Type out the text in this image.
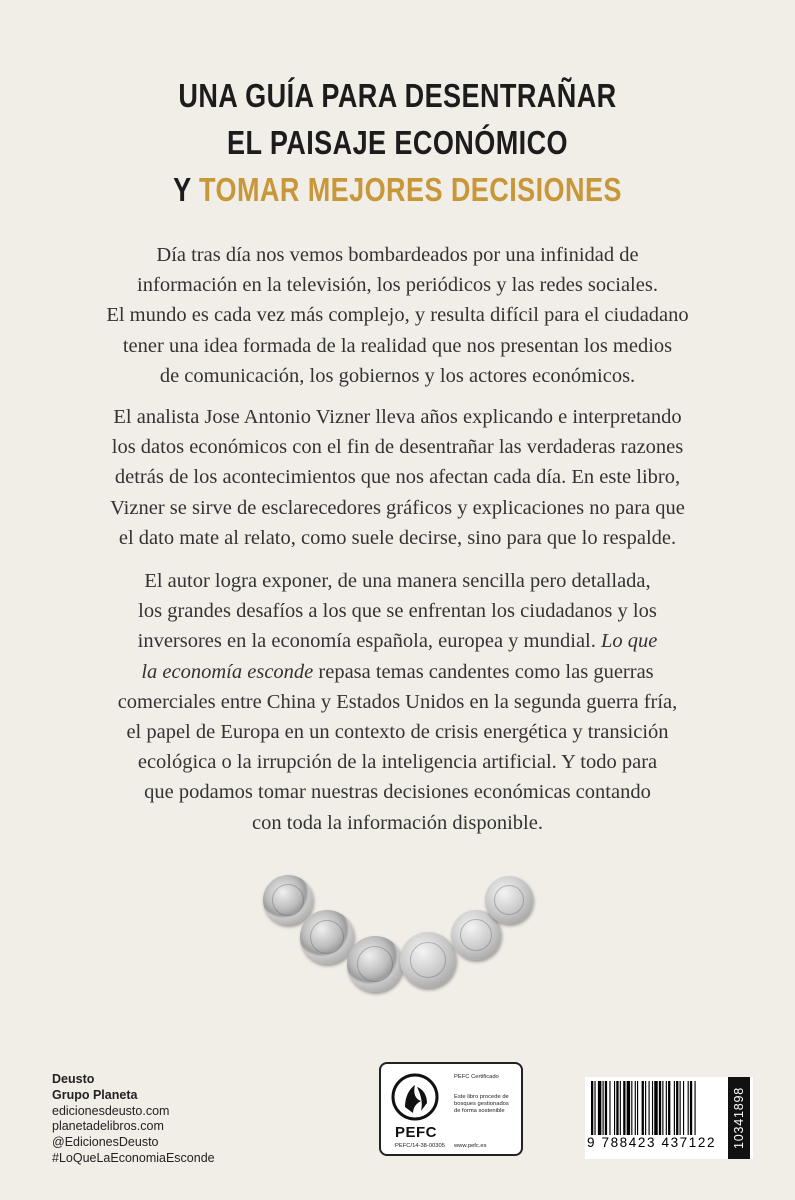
UNA GUÍA PARA DESENTRAÑAR
EL PAISAJE ECONÓMICO
Y TOMAR MEJORES DECISIONES
Día tras día nos vemos bombardeados por una infinidad de
información en la televisión, los periódicos y las redes sociales.
El mundo es cada vez más complejo, y resulta difícil para el ciudadano
tener una idea formada de la realidad que nos presentan los medios
de comunicación, los gobiernos y los actores económicos.
El analista Jose Antonio Vizner lleva años explicando e interpretando
los datos económicos con el fin de desentrañar las verdaderas razones
detrás de los acontecimientos que nos afectan cada día. En este libro,
Vizner se sirve de esclarecedores gráficos y explicaciones no para que
el dato mate al relato, como suele decirse, sino para que lo respalde.
El autor logra exponer, de una manera sencilla pero detallada,
los grandes desafíos a los que se enfrentan los ciudadanos y los
inversores en la economía española, europea y mundial. Lo que
la economía esconde repasa temas candentes como las guerras
comerciales entre China y Estados Unidos en la segunda guerra fría,
el papel de Europa en un contexto de crisis energética y transición
ecológica o la irrupción de la inteligencia artificial. Y todo para
que podamos tomar nuestras decisiones económicas contando
con toda la información disponible.
Deusto
Grupo Planeta
edicionesdeusto.com
planetadelibros.com
@EdicionesDeusto
#LoQueLaEconomiaEsconde
PEFC
PEFC Certificado
Este libro procede de bosques gestionados de forma sostenible
PEFC/14-38-00305 www.pefc.es	9 788423 437122	10341898
